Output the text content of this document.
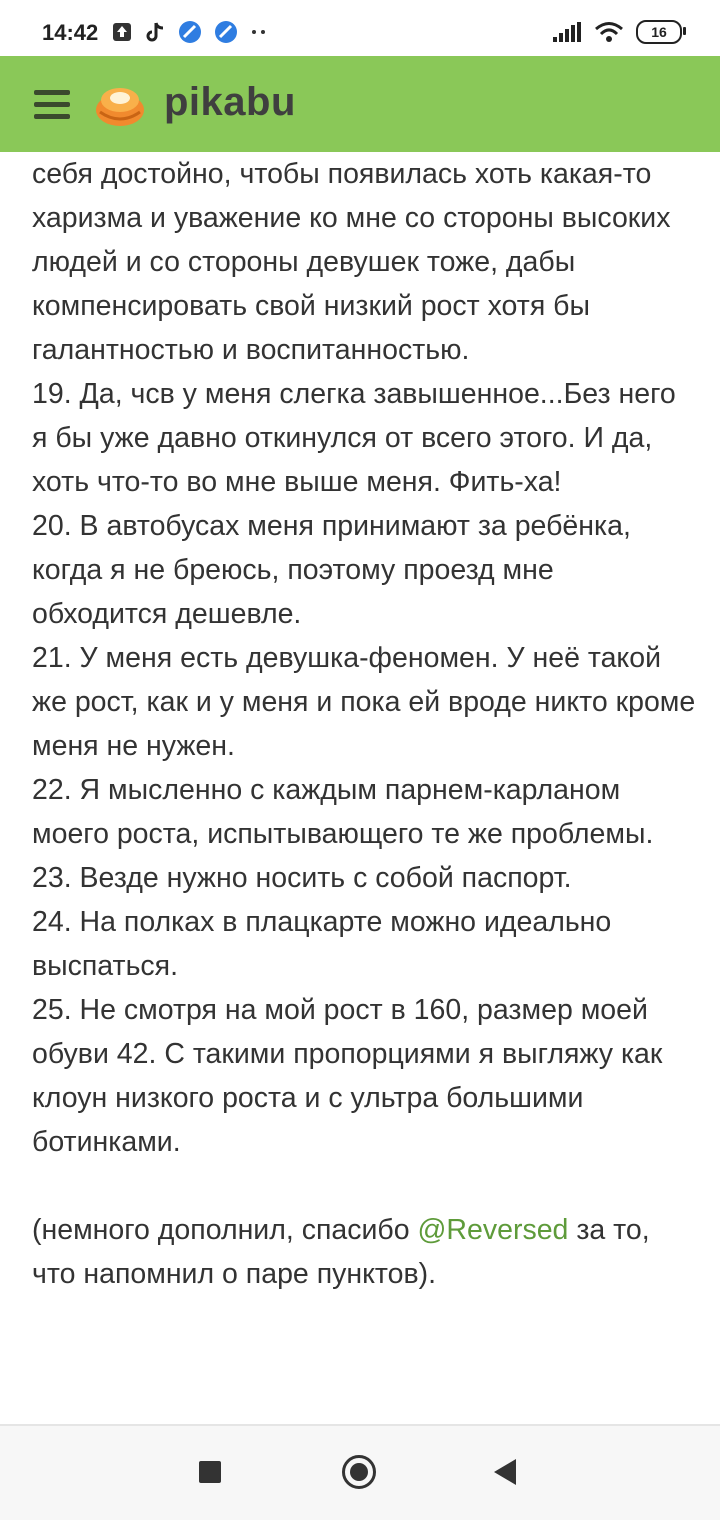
14:42	16
pikabu

себя достойно, чтобы появилась хоть какая-то харизма и уважение ко мне со стороны высоких людей и со стороны девушек тоже, дабы компенсировать свой низкий рост хотя бы галантностью и воспитанностью.

19. Да, чсв у меня слегка завышенное...Без него я бы уже давно откинулся от всего этого. И да, хоть что-то во мне выше меня. Фить-ха!

20. В автобусах меня принимают за ребёнка, когда я не бреюсь, поэтому проезд мне обходится дешевле.

21. У меня есть девушка-феномен. У неё такой же рост, как и у меня и пока ей вроде никто кроме меня не нужен.

22. Я мысленно с каждым парнем-карланом моего роста, испытывающего те же проблемы.

23. Везде нужно носить с собой паспорт.

24. На полках в плацкарте можно идеально выспаться.

25. Не смотря на мой рост в 160, размер моей обуви 42. С такими пропорциями я выгляжу как клоун низкого роста и с ультра большими ботинками.

(немного дополнил, спасибо @Reversed за то, что напомнил о паре пунктов).
